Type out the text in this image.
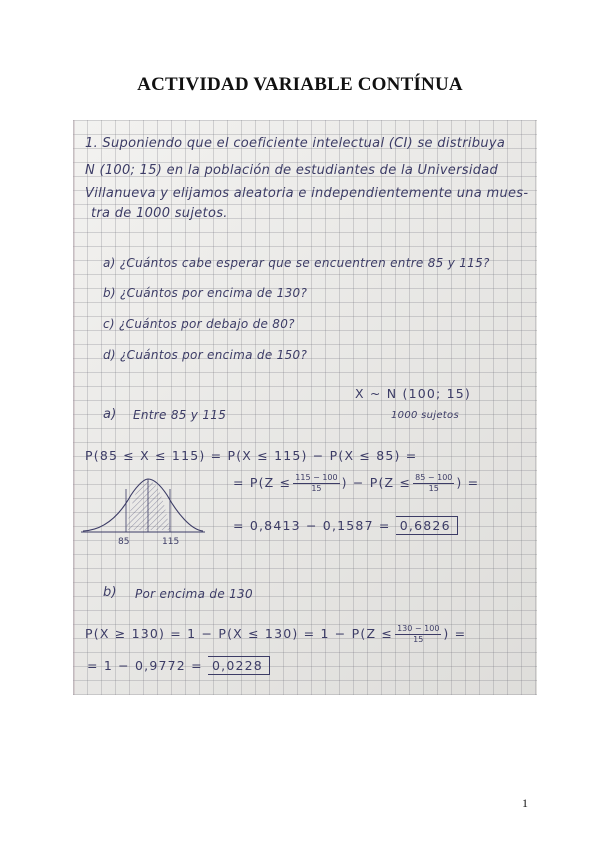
ACTIVIDAD VARIABLE CONTÍNUA
1. Suponiendo que el coeficiente intelectual (CI) se distribuya
N (100; 15) en la población de estudiantes de la Universidad
Villanueva y elijamos aleatoria e independientemente una mues-
tra de 1000 sujetos.
a) ¿Cuántos cabe esperar que se encuentren entre 85 y 115?
b) ¿Cuántos por encima de 130?
c) ¿Cuántos por debajo de 80?
d) ¿Cuántos por encima de 150?
X ~ N (100; 15)
1000 sujetos
a) Entre 85 y 115
P(85 ≤ X ≤ 115) = P(X ≤ 115) − P(X ≤ 85) =
= $P(Z \le \frac{115 - 100}{15}$ ) − $P(Z \le \frac{85 - 100}{15}$ ) =
= 0,8413 − 0,1587 = 0,6826
85	115
b) Por encima de 130
$P(X \ge 130) = 1 - P(X \le 130) = 1 - P(Z \le \frac{130 - 100}{15}$ ) =
= 1 − 0,9772 = 0,0228
1
